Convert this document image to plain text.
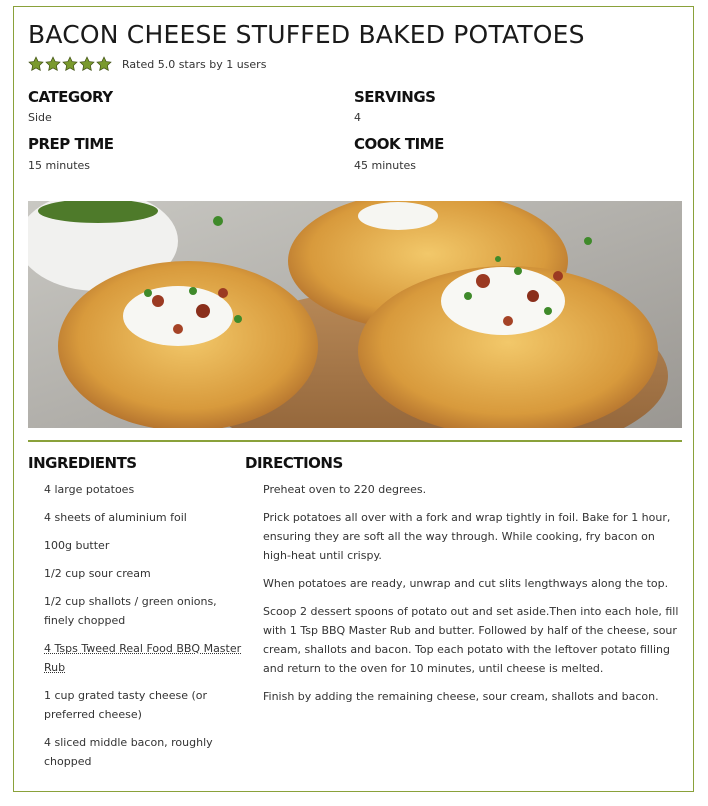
BACON CHEESE STUFFED BAKED POTATOES
Rated 5.0 stars by 1 users
CATEGORY
Side
SERVINGS
4
PREP TIME
15 minutes
COOK TIME
45 minutes
INGREDIENTS	DIRECTIONS
4 large potatoes
4 sheets of aluminium foil
100g butter
1/2 cup sour cream
1/2 cup shallots / green onions, finely chopped
4 Tsps Tweed Real Food BBQ Master Rub
1 cup grated tasty cheese (or preferred cheese)
4 sliced middle bacon, roughly chopped

Preheat oven to 220 degrees.

Prick potatoes all over with a fork and wrap tightly in foil. Bake for 1 hour, ensuring they are soft all the way through. While cooking, fry bacon on high-heat until crispy.

When potatoes are ready, unwrap and cut slits lengthways along the top.

Scoop 2 dessert spoons of potato out and set aside.Then into each hole, fill with 1 Tsp BBQ Master Rub and butter. Followed by half of the cheese, sour cream, shallots and bacon. Top each potato with the leftover potato filling and return to the oven for 10 minutes, until cheese is melted.

Finish by adding the remaining cheese, sour cream, shallots and bacon.
